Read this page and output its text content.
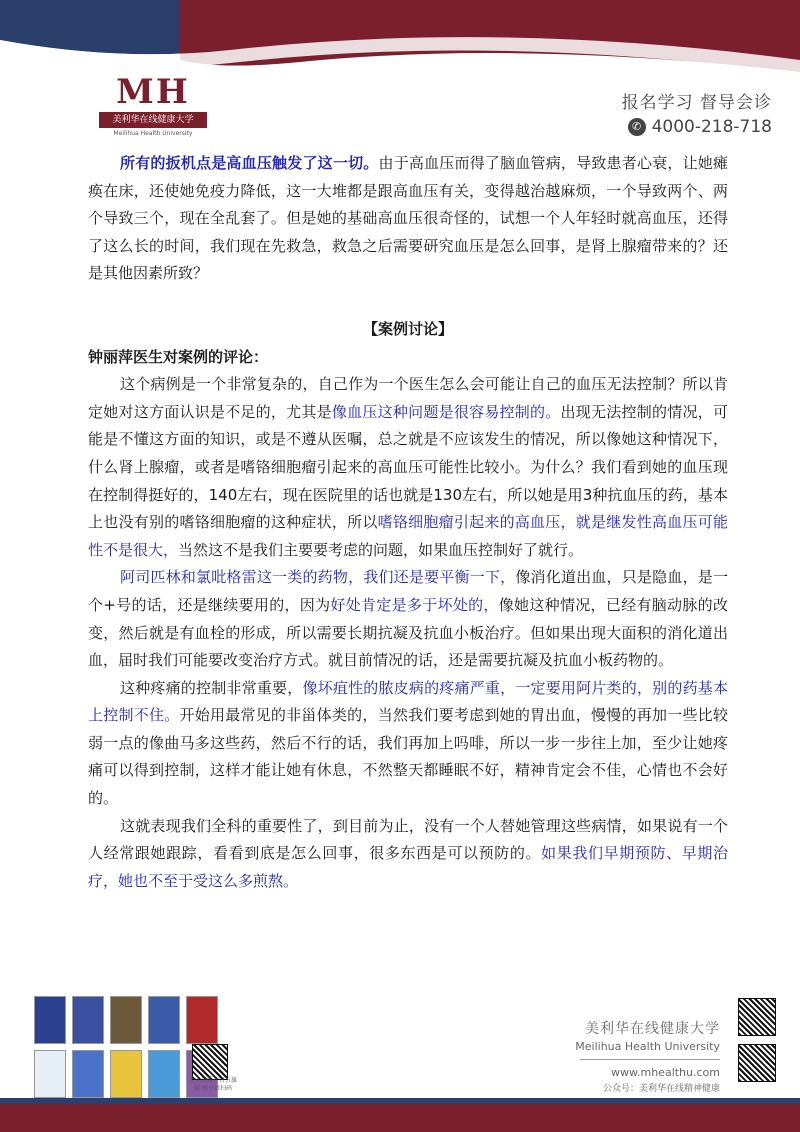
MH
美利华在线健康大学
Meilihua Health University
报名学习 督导会诊
✆ 4000-218-718

所有的扳机点是高血压触发了这一切。由于高血压而得了脑血管病，导致患者心衰，让她瘫痪在床，还使她免疫力降低，这一大堆都是跟高血压有关，变得越治越麻烦，一个导致两个、两个导致三个，现在全乱套了。但是她的基础高血压很奇怪的，试想一个人年轻时就高血压，还得了这么长的时间，我们现在先救急，救急之后需要研究血压是怎么回事，是肾上腺瘤带来的？还是其他因素所致？

【案例讨论】

钟丽萍医生对案例的评论：

这个病例是一个非常复杂的，自己作为一个医生怎么会可能让自己的血压无法控制？所以肯定她对这方面认识是不足的，尤其是像血压这种问题是很容易控制的。出现无法控制的情况，可能是不懂这方面的知识，或是不遵从医嘱，总之就是不应该发生的情况，所以像她这种情况下，什么肾上腺瘤，或者是嗜铬细胞瘤引起来的高血压可能性比较小。为什么？我们看到她的血压现在控制得挺好的，140左右，现在医院里的话也就是130左右，所以她是用3种抗血压的药，基本上也没有别的嗜铬细胞瘤的这种症状，所以嗜铬细胞瘤引起来的高血压，就是继发性高血压可能性不是很大，当然这不是我们主要要考虑的问题，如果血压控制好了就行。

阿司匹林和氯吡格雷这一类的药物，我们还是要平衡一下，像消化道出血，只是隐血，是一个+号的话，还是继续要用的，因为好处肯定是多于坏处的，像她这种情况，已经有脑动脉的改变，然后就是有血栓的形成，所以需要长期抗凝及抗血小板治疗。但如果出现大面积的消化道出血，届时我们可能要改变治疗方式。就目前情况的话，还是需要抗凝及抗血小板药物的。

这种疼痛的控制非常重要，像坏疽性的脓皮病的疼痛严重，一定要用阿片类的，别的药基本上控制不住。开始用最常见的非甾体类的，当然我们要考虑到她的胃出血，慢慢的再加一些比较弱一点的像曲马多这些药，然后不行的话，我们再加上吗啡，所以一步一步往上加，至少让她疼痛可以得到控制，这样才能让她有休息，不然整天都睡眠不好，精神肯定会不佳，心情也不会好的。

这就表现我们全科的重要性了，到目前为止，没有一个人替她管理这些病情，如果说有一个人经常跟她跟踪，看看到底是怎么回事，很多东西是可以预防的。如果我们早期预防、早期治疗，她也不至于受这么多煎熬。

北大出版社官方旗舰 图书请扫码
美利华在线健康大学
Meilihua Health University
www.mhealthu.com
公众号：美利华在线精神健康
